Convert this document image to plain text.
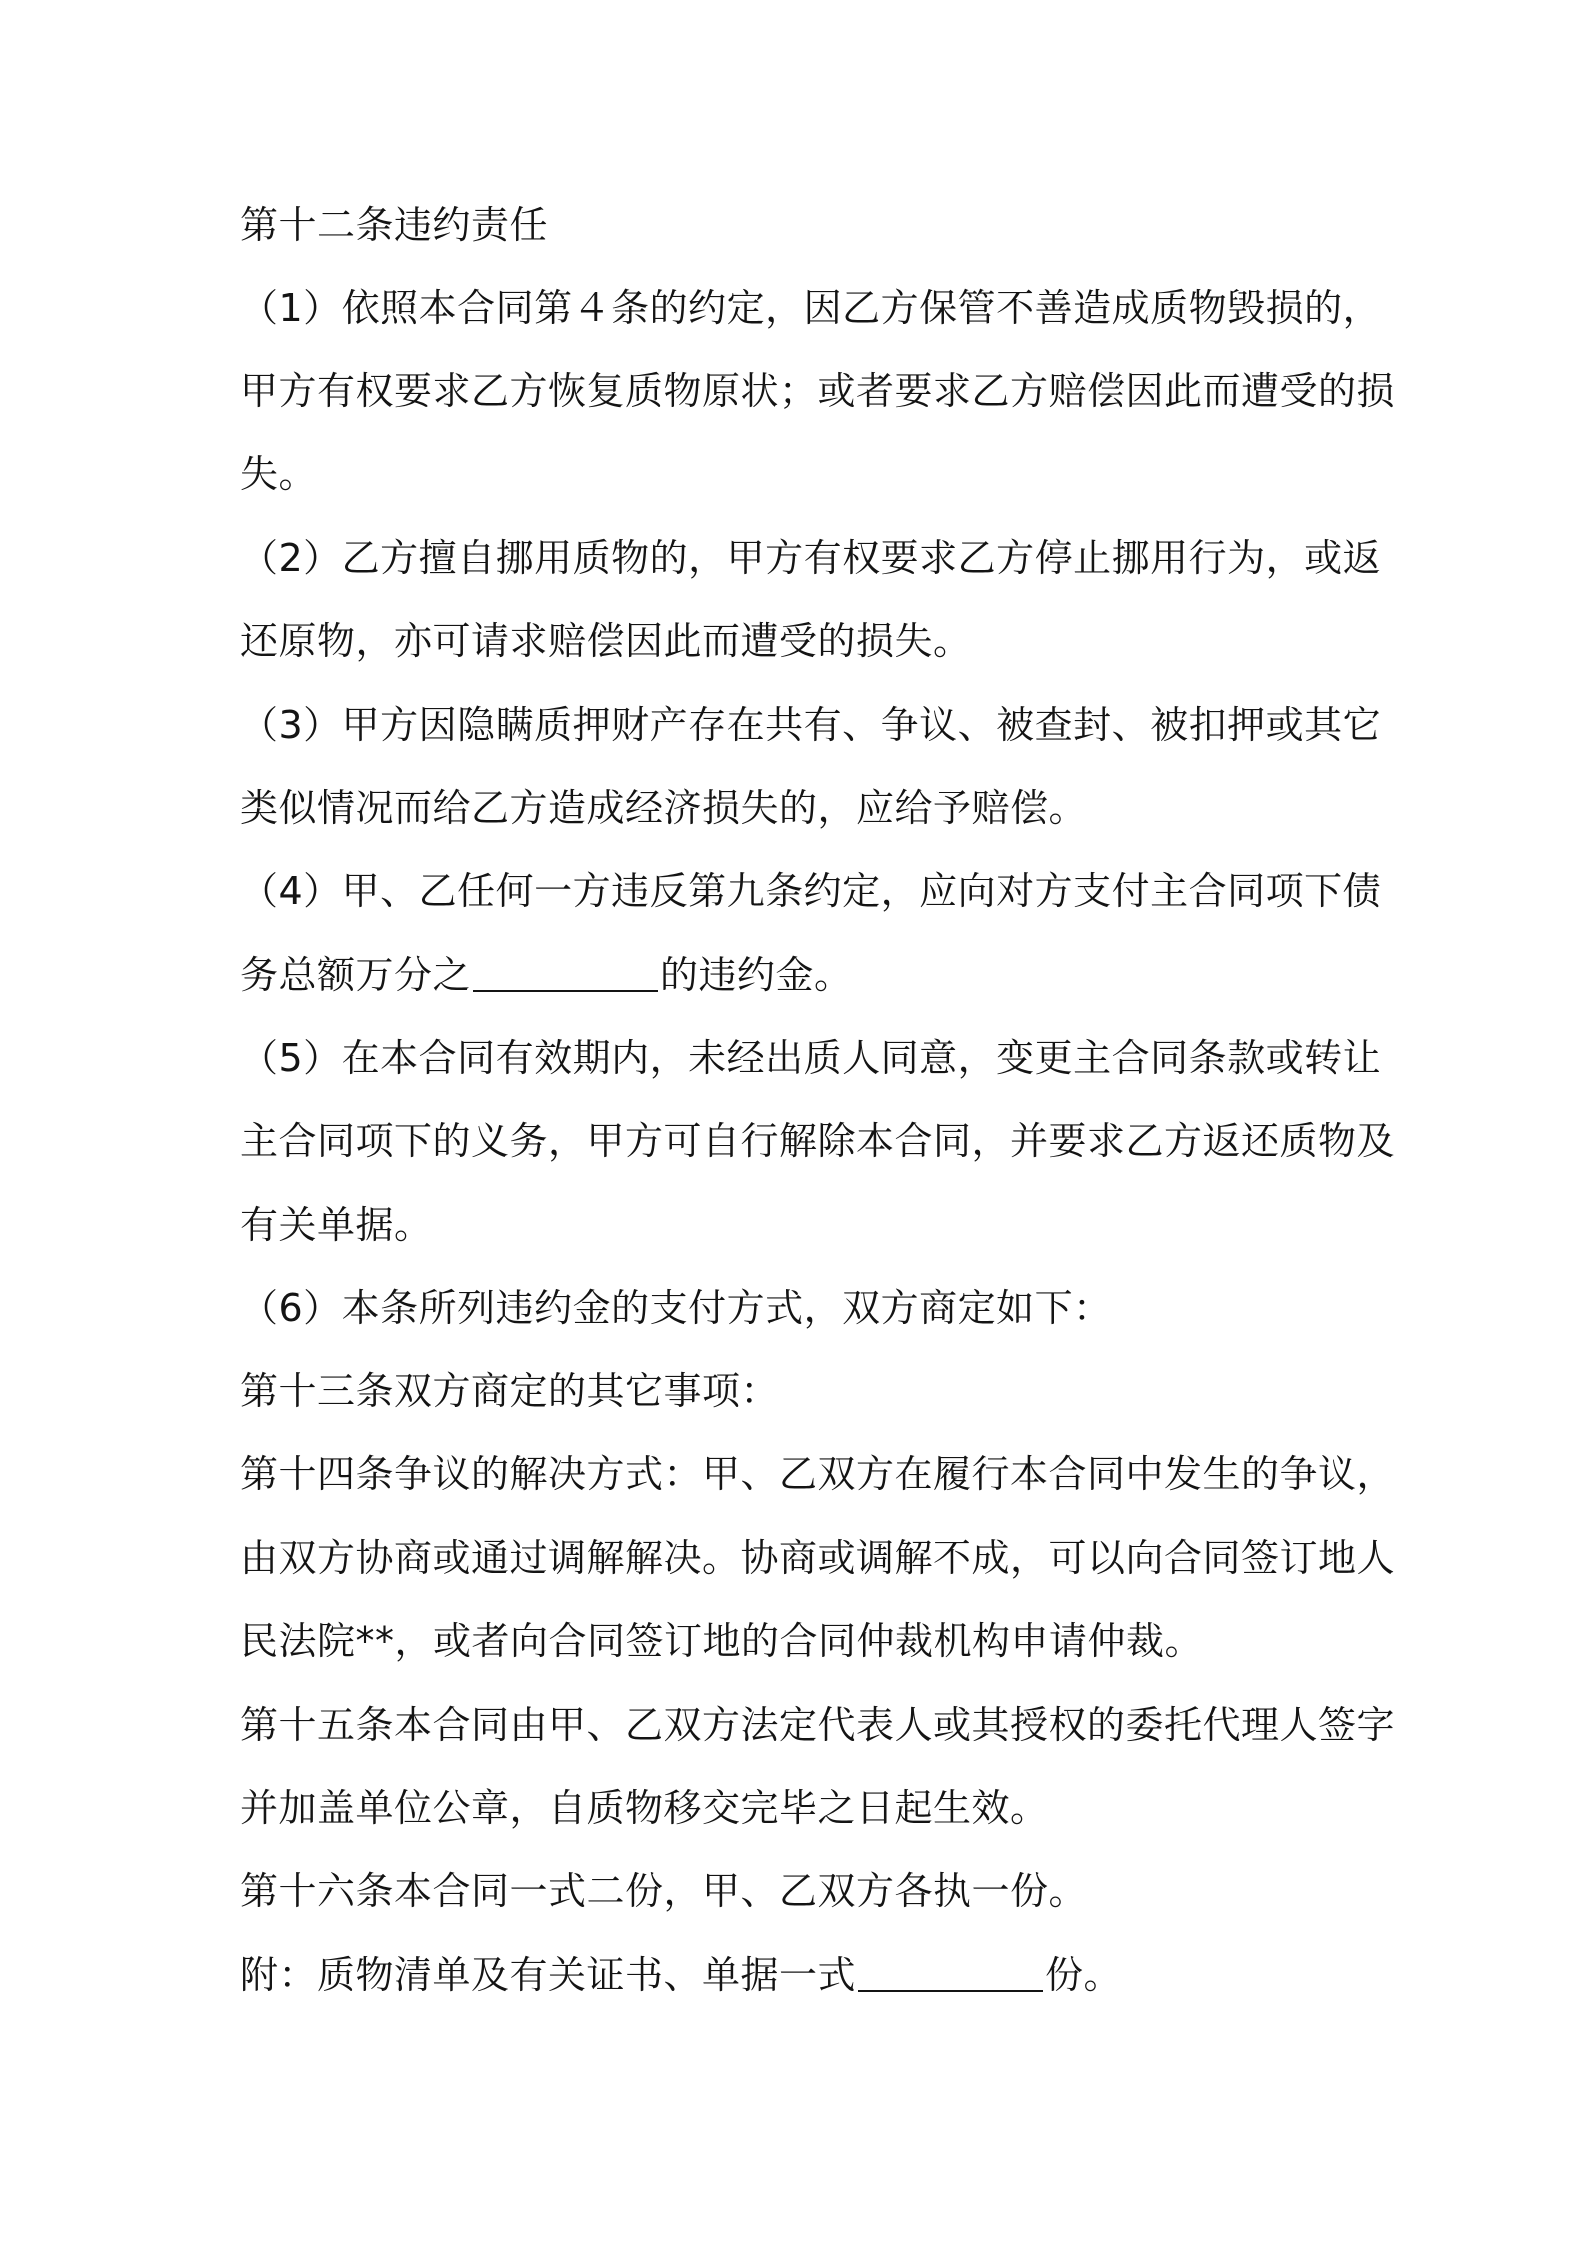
第十二条违约责任
（1）依照本合同第４条的约定，因乙方保管不善造成质物毁损的，
甲方有权要求乙方恢复质物原状；或者要求乙方赔偿因此而遭受的损
失。
（2）乙方擅自挪用质物的，甲方有权要求乙方停止挪用行为，或返
还原物，亦可请求赔偿因此而遭受的损失。
（3）甲方因隐瞒质押财产存在共有、争议、被查封、被扣押或其它
类似情况而给乙方造成经济损失的，应给予赔偿。
（4）甲、乙任何一方违反第九条约定，应向对方支付主合同项下债
务总额万分之	的违约金。
（5）在本合同有效期内，未经出质人同意，变更主合同条款或转让
主合同项下的义务，甲方可自行解除本合同，并要求乙方返还质物及
有关单据。
（6）本条所列违约金的支付方式，双方商定如下：
第十三条双方商定的其它事项：
第十四条争议的解决方式：甲、乙双方在履行本合同中发生的争议，
由双方协商或通过调解解决。协商或调解不成，可以向合同签订地人
民法院**，或者向合同签订地的合同仲裁机构申请仲裁。
第十五条本合同由甲、乙双方法定代表人或其授权的委托代理人签字
并加盖单位公章，自质物移交完毕之日起生效。
第十六条本合同一式二份，甲、乙双方各执一份。
附：质物清单及有关证书、单据一式	份。
